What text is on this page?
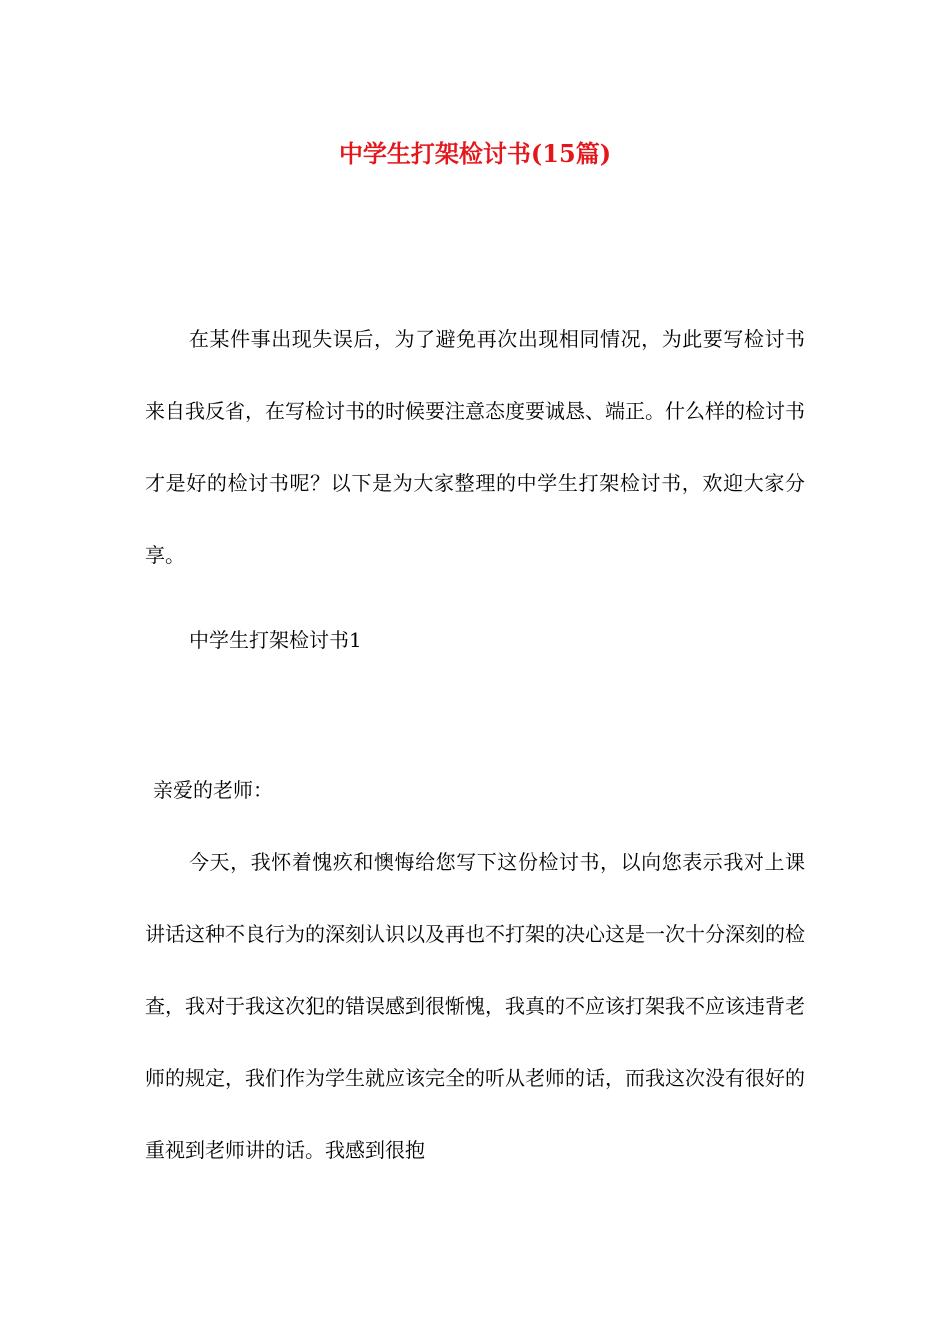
中学生打架检讨书(15篇)

在某件事出现失误后，为了避免再次出现相同情况，为此要写检讨书来自我反省，在写检讨书的时候要注意态度要诚恳、端正。什么样的检讨书才是好的检讨书呢？以下是为大家整理的中学生打架检讨书，欢迎大家分享。

中学生打架检讨书1

亲爱的老师：

今天，我怀着愧疚和懊悔给您写下这份检讨书，以向您表示我对上课讲话这种不良行为的深刻认识以及再也不打架的决心这是一次十分深刻的检查，我对于我这次犯的错误感到很惭愧，我真的不应该打架我不应该违背老师的规定，我们作为学生就应该完全的听从老师的话，而我这次没有很好的重视到老师讲的话。我感到很抱
